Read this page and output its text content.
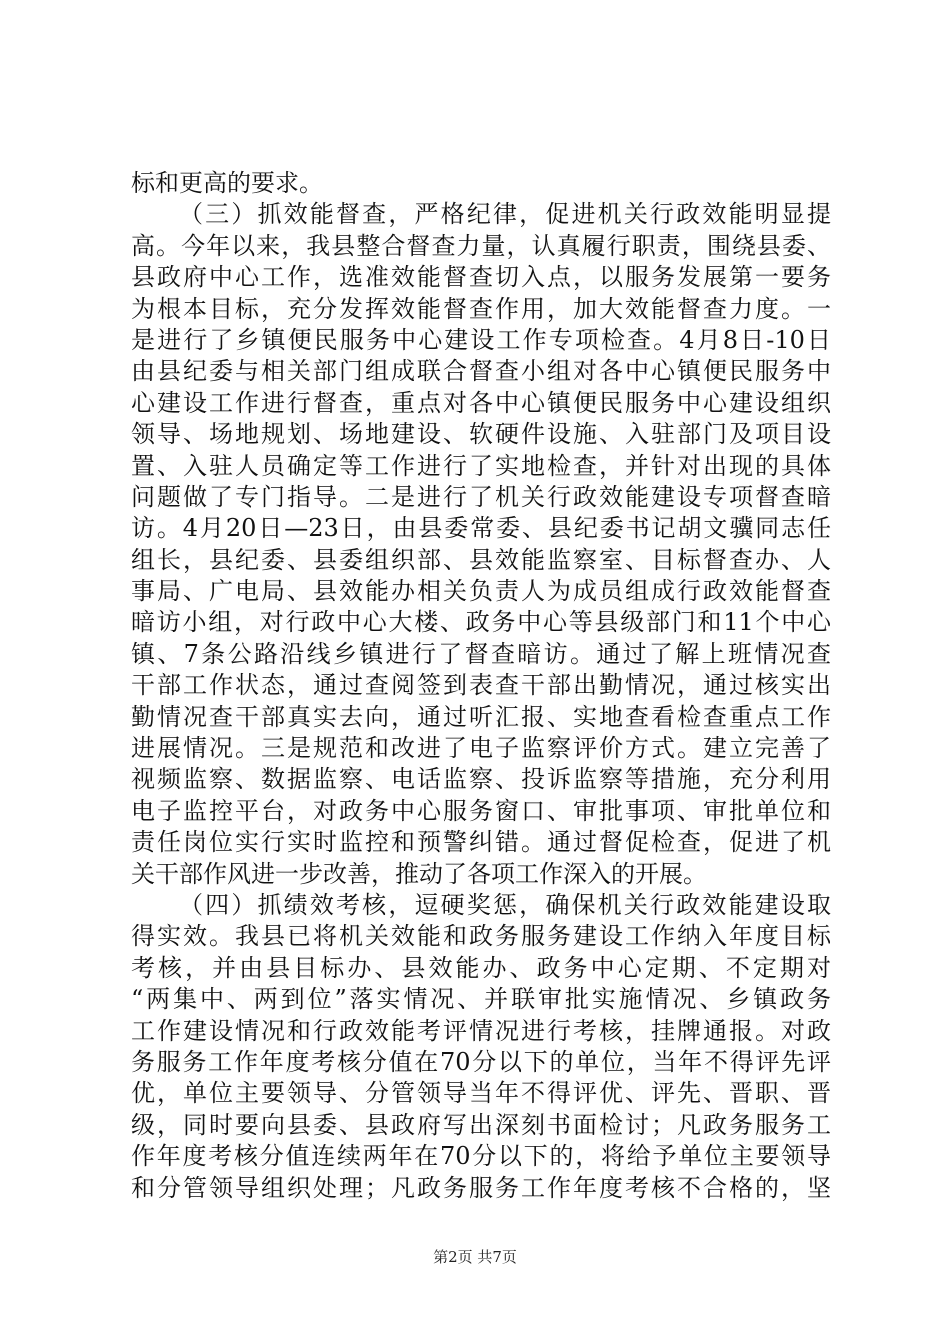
标和更高的要求。
（三）抓效能督查，严格纪律，促进机关行政效能明显提
高。今年以来，我县整合督查力量，认真履行职责，围绕县委、
县政府中心工作，选准效能督查切入点，以服务发展第一要务
为根本目标，充分发挥效能督查作用，加大效能督查力度。一
是进行了乡镇便民服务中心建设工作专项检查。4月8日-10日
由县纪委与相关部门组成联合督查小组对各中心镇便民服务中
心建设工作进行督查，重点对各中心镇便民服务中心建设组织
领导、场地规划、场地建设、软硬件设施、入驻部门及项目设
置、入驻人员确定等工作进行了实地检查，并针对出现的具体
问题做了专门指导。二是进行了机关行政效能建设专项督查暗
访。4月20日—23日，由县委常委、县纪委书记胡文骥同志任
组长，县纪委、县委组织部、县效能监察室、目标督查办、人
事局、广电局、县效能办相关负责人为成员组成行政效能督查
暗访小组，对行政中心大楼、政务中心等县级部门和11个中心
镇、7条公路沿线乡镇进行了督查暗访。通过了解上班情况查
干部工作状态，通过查阅签到表查干部出勤情况，通过核实出
勤情况查干部真实去向，通过听汇报、实地查看检查重点工作
进展情况。三是规范和改进了电子监察评价方式。建立完善了
视频监察、数据监察、电话监察、投诉监察等措施，充分利用
电子监控平台，对政务中心服务窗口、审批事项、审批单位和
责任岗位实行实时监控和预警纠错。通过督促检查，促进了机
关干部作风进一步改善，推动了各项工作深入的开展。
（四）抓绩效考核，逗硬奖惩，确保机关行政效能建设取
得实效。我县已将机关效能和政务服务建设工作纳入年度目标
考核，并由县目标办、县效能办、政务中心定期、不定期对
“两集中、两到位”落实情况、并联审批实施情况、乡镇政务
工作建设情况和行政效能考评情况进行考核，挂牌通报。对政
务服务工作年度考核分值在70分以下的单位，当年不得评先评
优，单位主要领导、分管领导当年不得评优、评先、晋职、晋
级，同时要向县委、县政府写出深刻书面检讨；凡政务服务工
作年度考核分值连续两年在70分以下的，将给予单位主要领导
和分管领导组织处理；凡政务服务工作年度考核不合格的，坚
第2页 共7页
